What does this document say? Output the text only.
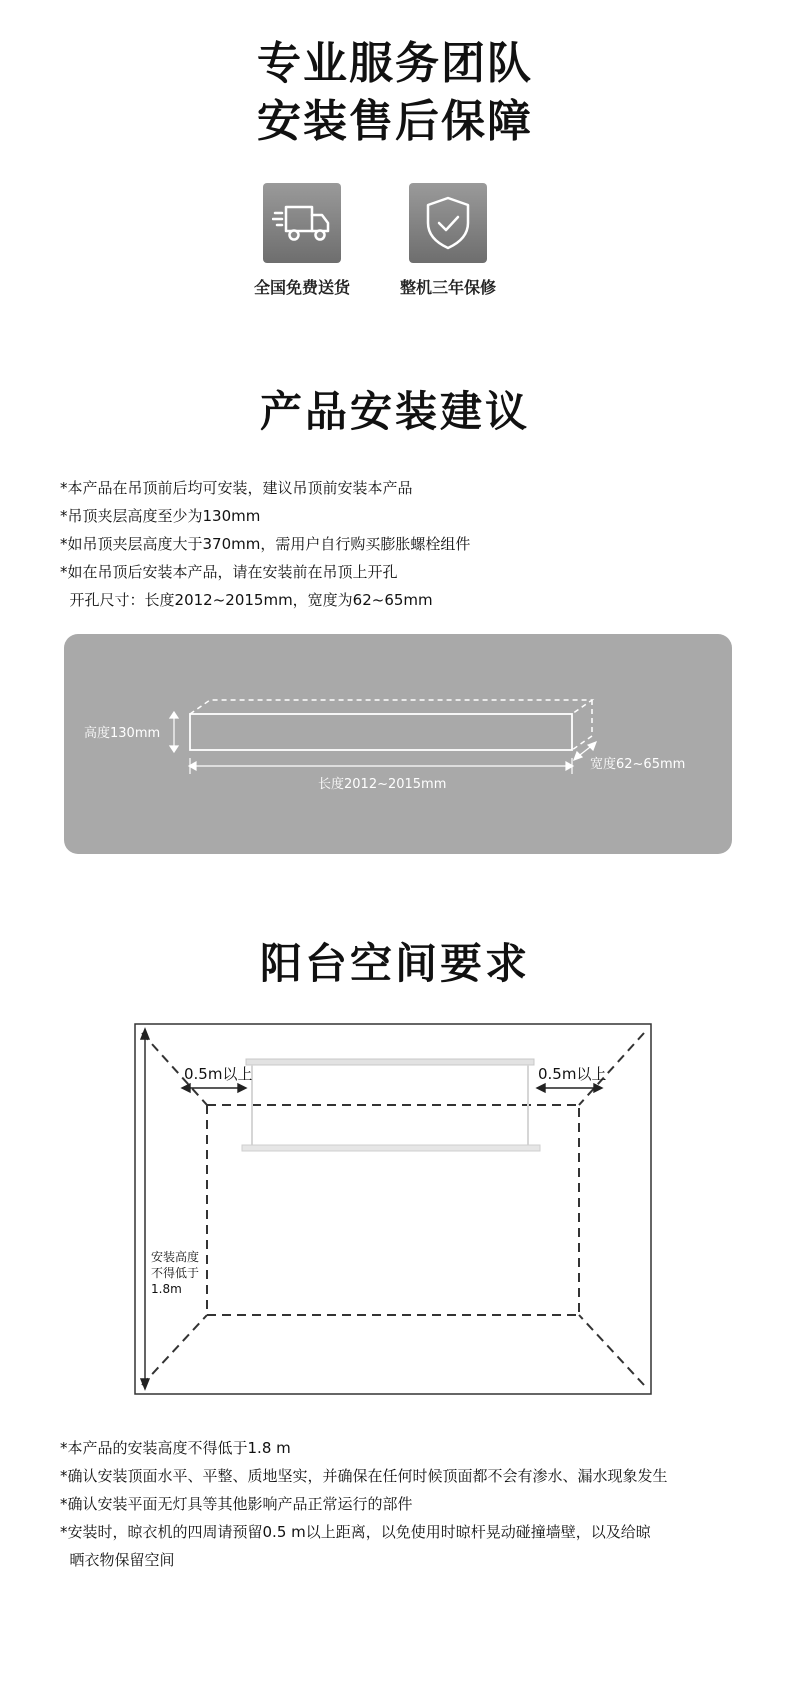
专业服务团队
安装售后保障
全国免费送货	整机三年保修
产品安装建议
*本产品在吊顶前后均可安装，建议吊顶前安装本产品
*吊顶夹层高度至少为130mm
*如吊顶夹层高度大于370mm，需用户自行购买膨胀螺栓组件
*如在吊顶后安装本产品，请在安装前在吊顶上开孔
开孔尺寸：长度2012~2015mm，宽度为62~65mm
高度130mm
长度2012~2015mm
宽度62~65mm
阳台空间要求
0.5m以上	0.5m以上
安装高度
不得低于
1.8m
*本产品的安装高度不得低于1.8 m
*确认安装顶面水平、平整、质地坚实，并确保在任何时候顶面都不会有渗水、漏水现象发生
*确认安装平面无灯具等其他影响产品正常运行的部件
*安装时，晾衣机的四周请预留0.5 m以上距离，以免使用时晾杆晃动碰撞墙壁，以及给晾
晒衣物保留空间
